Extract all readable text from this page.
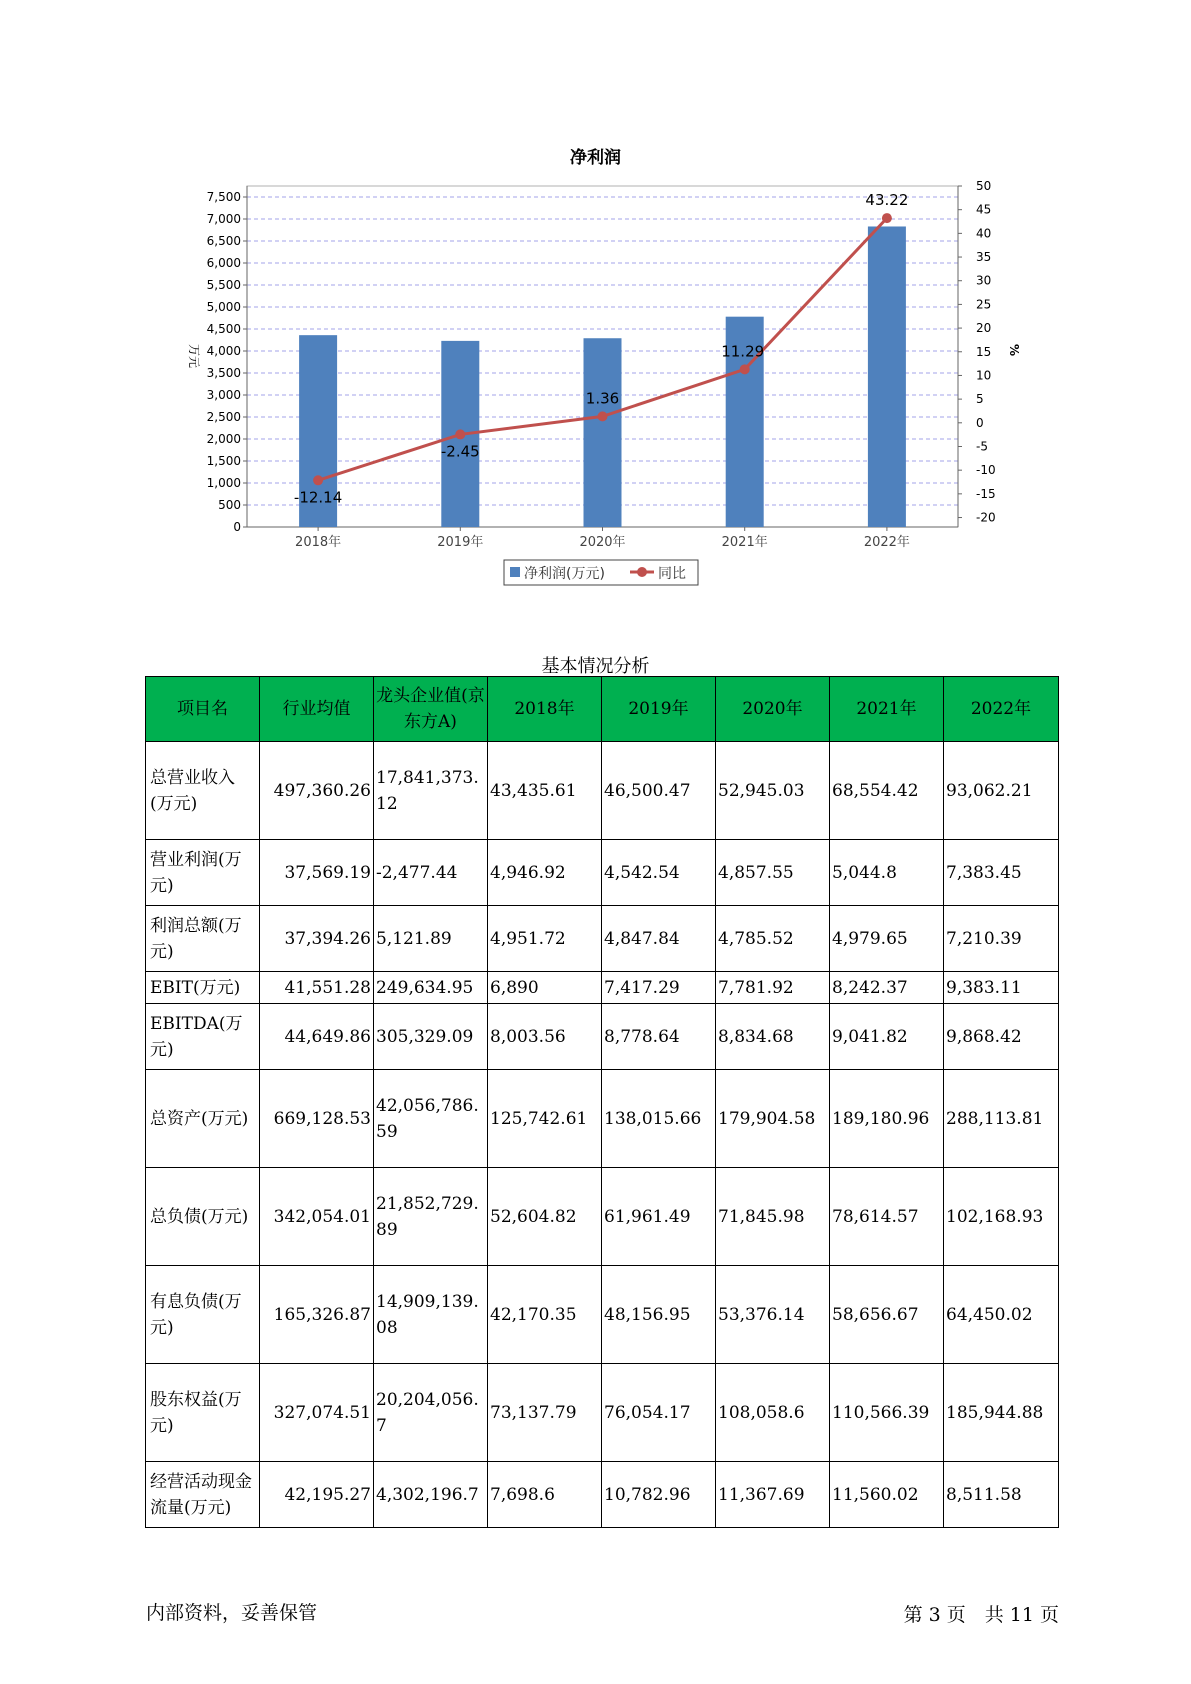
净利润
0
500
1,000
1,500
2,000
2,500
3,000
3,500
4,000
4,500
5,000
5,500
6,000
6,500
7,000
7,500
-20
-15
-10
-5
0
5
10
15
20
25
30
35
40
45
50
万元	%
2018年	2019年	2020年	2021年	2022年
-12.14
-2.45
1.36
11.29
43.22
净利润(万元)	同比
基本情况分析
项目名	行业均值	龙头企业值(京东方A)	2018年	2019年	2020年	2021年	2022年
总营业收入(万元)	497,360.26	17,841,373.12	43,435.61	46,500.47	52,945.03	68,554.42	93,062.21
营业利润(万元)	37,569.19	-2,477.44	4,946.92	4,542.54	4,857.55	5,044.8	7,383.45
利润总额(万元)	37,394.26	5,121.89	4,951.72	4,847.84	4,785.52	4,979.65	7,210.39
EBIT(万元)	41,551.28	249,634.95	6,890	7,417.29	7,781.92	8,242.37	9,383.11
EBITDA(万元)	44,649.86	305,329.09	8,003.56	8,778.64	8,834.68	9,041.82	9,868.42
总资产(万元)	669,128.53	42,056,786.59	125,742.61	138,015.66	179,904.58	189,180.96	288,113.81
总负债(万元)	342,054.01	21,852,729.89	52,604.82	61,961.49	71,845.98	78,614.57	102,168.93
有息负债(万元)	165,326.87	14,909,139.08	42,170.35	48,156.95	53,376.14	58,656.67	64,450.02
股东权益(万元)	327,074.51	20,204,056.7	73,137.79	76,054.17	108,058.6	110,566.39	185,944.88
经营活动现金流量(万元)	42,195.27	4,302,196.7	7,698.6	10,782.96	11,367.69	11,560.02	8,511.58
内部资料，妥善保管	第 3 页　共 11 页
